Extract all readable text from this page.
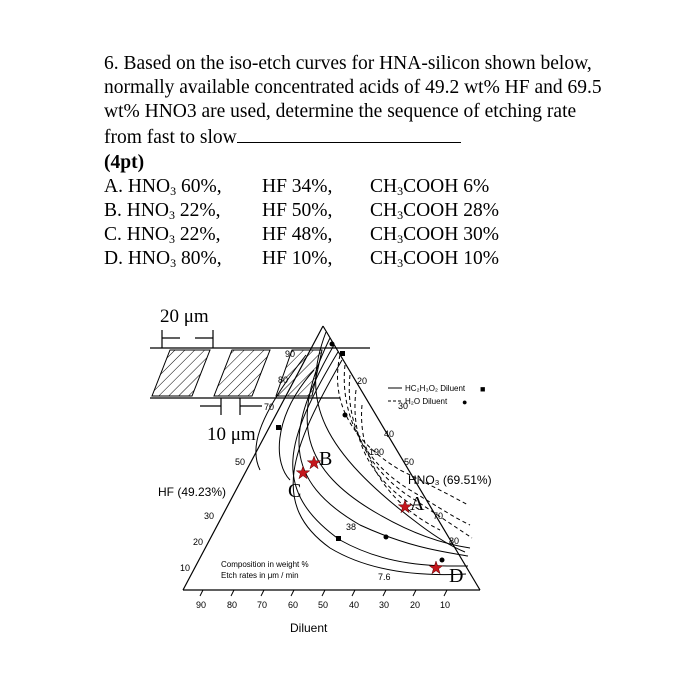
6. Based on the iso-etch curves for HNA-silicon shown below, normally available concentrated acids of 49.2 wt% HF and 69.5 wt% HNO3 are used, determine the sequence of etching rate from fast to slow

(4pt)

A. $HNO_3$ 60%,	HF 34%,	$CH_3COOH$ 6%
B. $HNO_3$ 22%,	HF 50%,	$CH_3COOH$ 28%
C. $HNO_3$ 22%,	HF 48%,	$CH_3COOH$ 30%
D. $HNO_3$ 80%,	HF 10%,	$CH_3COOH$ 10%
20 μm
10 μm
B
C
A
D
90
80
70	30
40
50
70
80
20
190
38
7.6
50
30
20
10
HF (49.23%)
HNO₃ (69.51%)
Diluent
HC₂H₃O₂ Diluent ■
H₂O Diluent ●
Composition in weight %
Etch rates in μm / min
90 80 70 60 50 40 30 20 10
